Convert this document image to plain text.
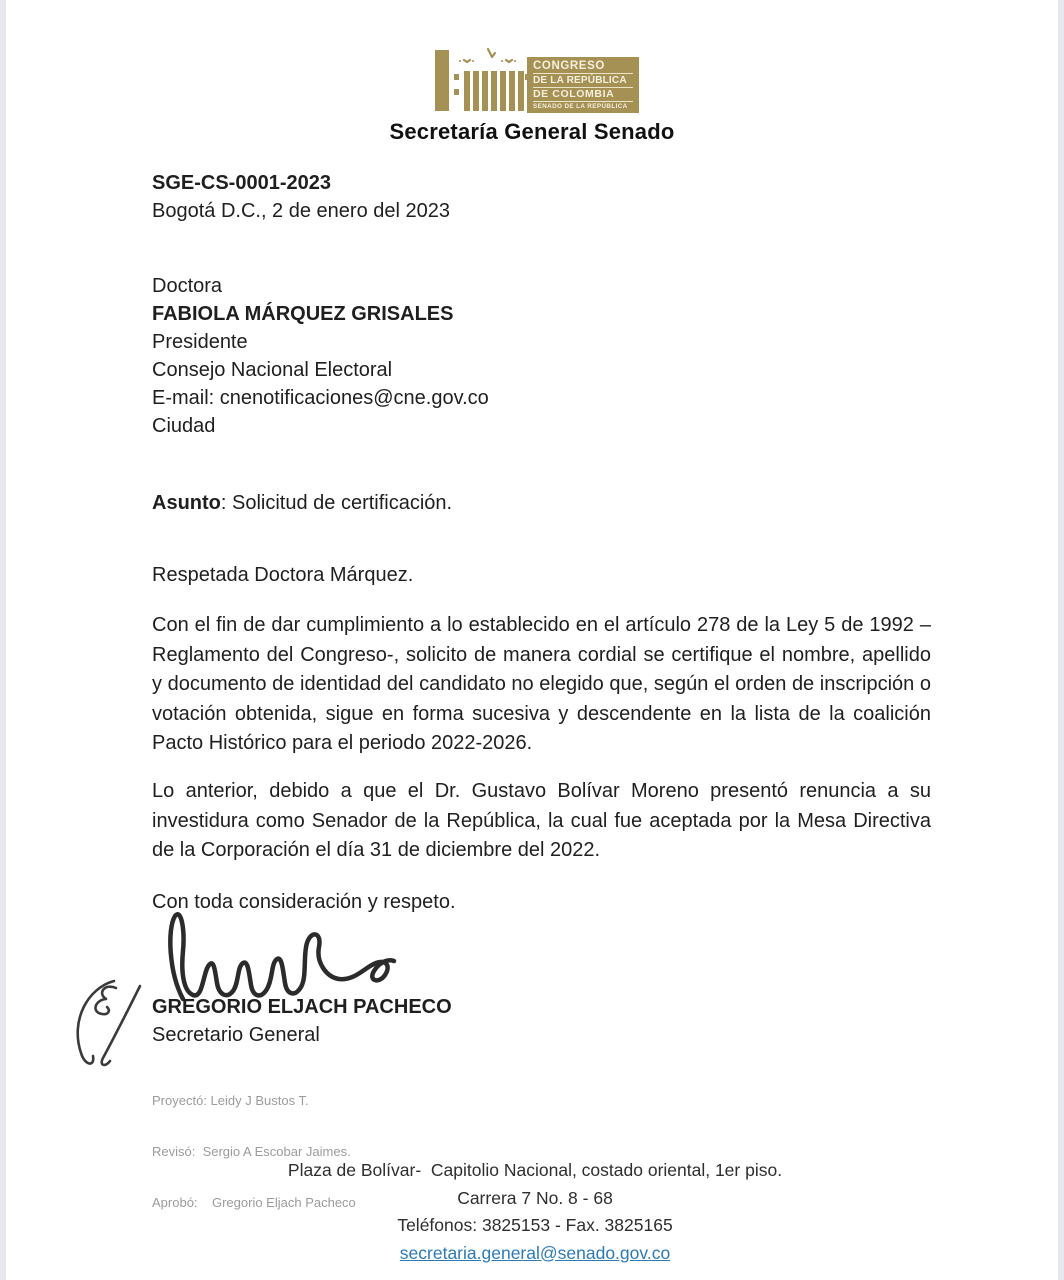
CONGRESO
DE LA REPÚBLICA
DE COLOMBIA
SENADO DE LA REPÚBLICA
Secretaría General Senado
SGE-CS-0001-2023
Bogotá D.C., 2 de enero del 2023
Doctora
FABIOLA MÁRQUEZ GRISALES
Presidente
Consejo Nacional Electoral
E-mail: cnenotificaciones@cne.gov.co
Ciudad
Asunto: Solicitud de certificación.
Respetada Doctora Márquez.
Con el fin de dar cumplimiento a lo establecido en el artículo 278 de la Ley 5 de 1992 –Reglamento del Congreso-, solicito de manera cordial se certifique el nombre, apellido y documento de identidad del candidato no elegido que, según el orden de inscripción o votación obtenida, sigue en forma sucesiva y descendente en la lista de la coalición Pacto Histórico para el periodo 2022-2026.
Lo anterior, debido a que el Dr. Gustavo Bolívar Moreno presentó renuncia a su investidura como Senador de la República, la cual fue aceptada por la Mesa Directiva de la Corporación el día 31 de diciembre del 2022.
Con toda consideración y respeto.
GREGORIO ELJACH PACHECO
Secretario General

Proyectó: Leidy J Bustos T.

Revisó:  Sergio A Escobar Jaimes.

Aprobó:    Gregorio Eljach Pacheco

Plaza de Bolívar-  Capitolio Nacional, costado oriental, 1er piso.
Carrera 7 No. 8 - 68
Teléfonos: 3825153 - Fax. 3825165
secretaria.general@senado.gov.co
